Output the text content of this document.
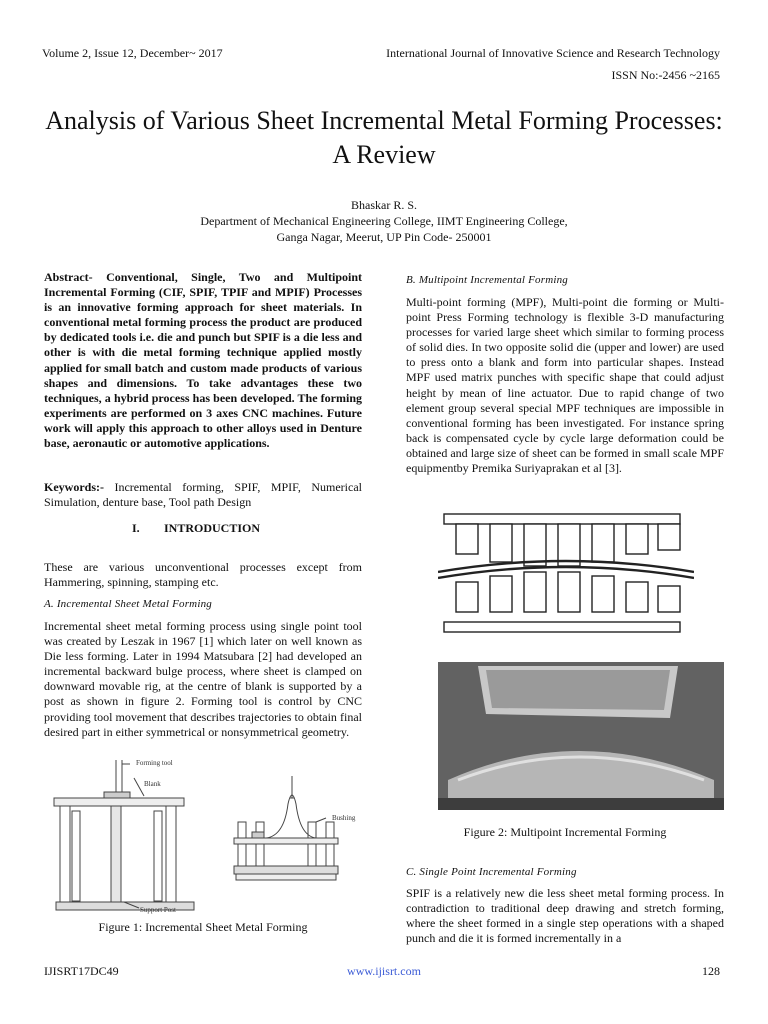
Volume 2, Issue 12, December~ 2017	International Journal of Innovative Science and Research Technology
ISSN No:-2456 ~2165
Analysis of Various Sheet Incremental Metal Forming Processes: A Review
Bhaskar R. S.
Department of Mechanical Engineering College, IIMT Engineering College,
Ganga Nagar, Meerut, UP Pin Code- 250001
Abstract- Conventional, Single, Two and Multipoint Incremental Forming (CIF, SPIF, TPIF and MPIF) Processes is an innovative forming approach for sheet materials. In conventional metal forming process the product are produced by dedicated tools i.e. die and punch but SPIF is a die less and other is with die metal forming technique applied mostly applied for small batch and custom made products of various shapes and dimensions. To take advantages these two techniques, a hybrid process has been developed. The forming experiments are performed on 3 axes CNC machines. Future work will apply this approach to other alloys used in Denture base, aeronautic or automotive applications.
Keywords:- Incremental forming, SPIF, MPIF, Numerical Simulation, denture base, Tool path Design
I. INTRODUCTION
These are various unconventional processes except from Hammering, spinning, stamping etc.
A. Incremental Sheet Metal Forming
Incremental sheet metal forming process using single point tool was created by Leszak in 1967 [1] which later on well known as Die less forming. Later in 1994 Matsubara [2] had developed an incremental backward bulge process, where sheet is clamped on downward movable rig, at the centre of blank is supported by a post as shown in figure 2. Forming tool is control by CNC providing tool movement that describes trajectories to obtain final desired part in either symmetrical or nonsymmetrical geometry.
Forming tool
Blank
Bushing
Support Post
Figure 1: Incremental Sheet Metal Forming
B. Multipoint Incremental Forming
Multi-point forming (MPF), Multi-point die forming or Multi-point Press Forming technology is flexible 3-D manufacturing processes for varied large sheet which similar to forming process of solid dies. In two opposite solid die (upper and lower) are used to press onto a blank and form into particular shapes. Instead MPF used matrix punches with specific shape that could adjust height by mean of line actuator. Due to rapid change of two element group several special MPF techniques are impossible in conventional forming has been investigated. For instance spring back is compensated cycle by cycle large deformation could be obtained and large size of sheet can be formed in small scale MPF equipmentby Premika Suriyaprakan et al [3].
Figure 2: Multipoint Incremental Forming
C. Single Point Incremental Forming
SPIF is a relatively new die less sheet metal forming process. In contradiction to traditional deep drawing and stretch forming, where the sheet formed in a single step operations with a shaped punch and die it is formed incrementally in a
IJISRT17DC49	www.ijisrt.com	128
